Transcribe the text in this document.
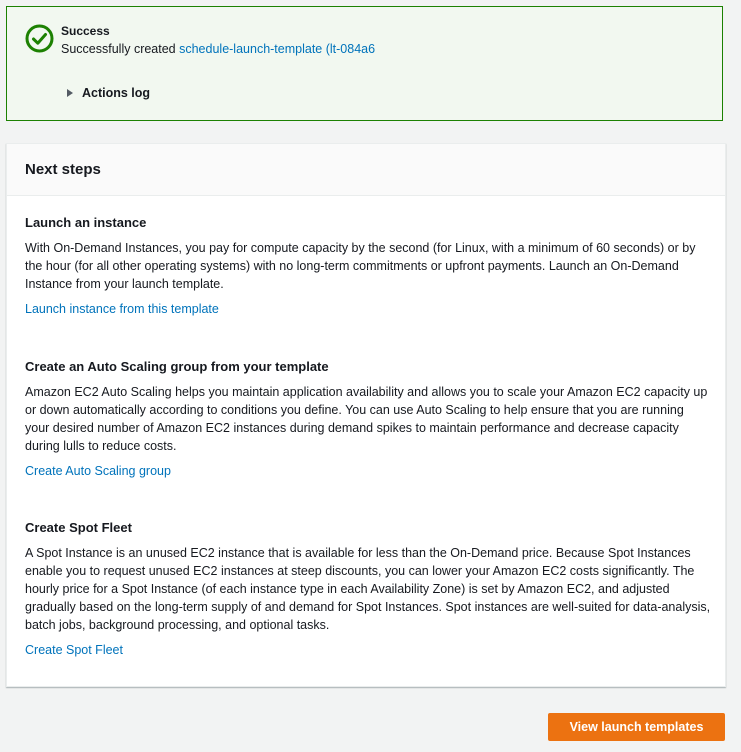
Success
Successfully created schedule-launch-template (lt-084a6
Actions log
Next steps
Launch an instance

With On-Demand Instances, you pay for compute capacity by the second (for Linux, with a minimum of 60 seconds) or by the hour (for all other operating systems) with no long-term commitments or upfront payments. Launch an On-Demand Instance from your launch template.

Launch instance from this template
Create an Auto Scaling group from your template

Amazon EC2 Auto Scaling helps you maintain application availability and allows you to scale your Amazon EC2 capacity up or down automatically according to conditions you define. You can use Auto Scaling to help ensure that you are running your desired number of Amazon EC2 instances during demand spikes to maintain performance and decrease capacity during lulls to reduce costs.

Create Auto Scaling group
Create Spot Fleet

A Spot Instance is an unused EC2 instance that is available for less than the On-Demand price. Because Spot Instances enable you to request unused EC2 instances at steep discounts, you can lower your Amazon EC2 costs significantly. The hourly price for a Spot Instance (of each instance type in each Availability Zone) is set by Amazon EC2, and adjusted gradually based on the long-term supply of and demand for Spot Instances. Spot instances are well-suited for data-analysis, batch jobs, background processing, and optional tasks.

Create Spot Fleet
View launch templates
